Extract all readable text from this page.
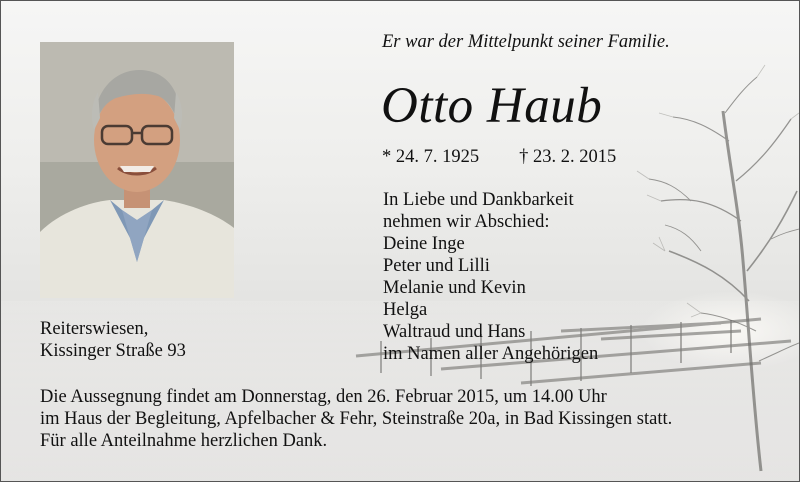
Er war der Mittelpunkt seiner Familie.

Otto Haub
* 24. 7. 1925 † 23. 2. 2015
In Liebe und Dankbarkeit
nehmen wir Abschied:
Deine Inge
Peter und Lilli
Melanie und Kevin
Helga
Waltraud und Hans
im Namen aller Angehörigen
Reiterswiesen,
Kissinger Straße 93
Die Aussegnung findet am Donnerstag, den 26. Februar 2015, um 14.00 Uhr
im Haus der Begleitung, Apfelbacher & Fehr, Steinstraße 20a, in Bad Kissingen statt.
Für alle Anteilnahme herzlichen Dank.
